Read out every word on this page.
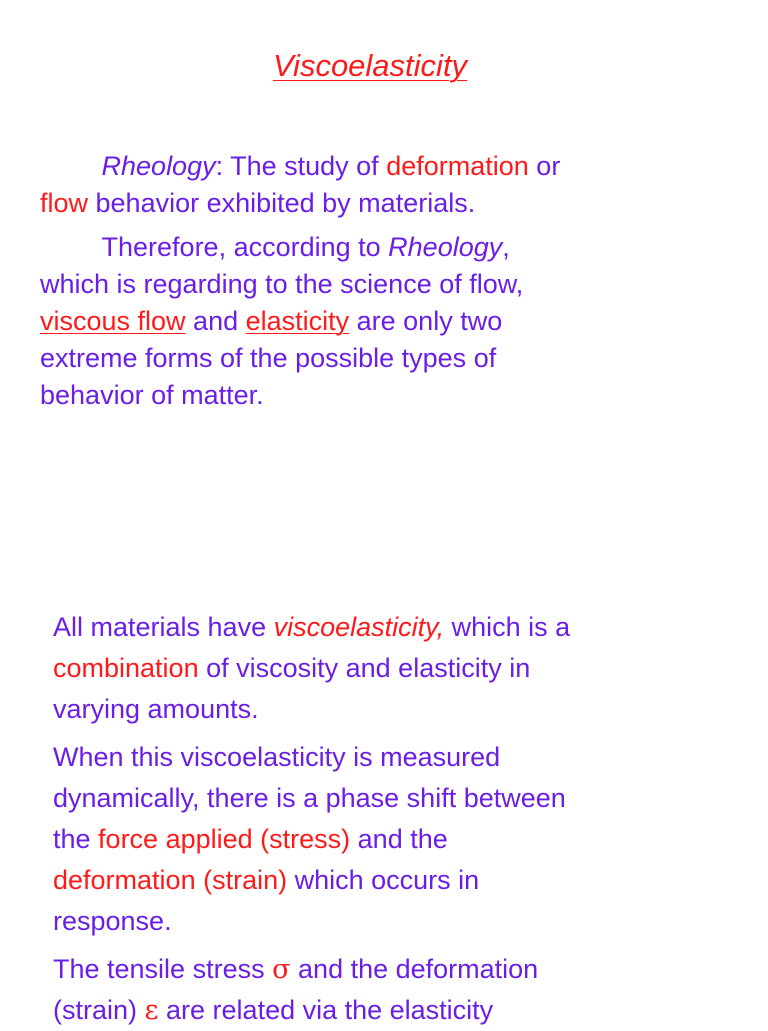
Viscoelasticity

   Rheology: The study of deformation or
flow behavior exhibited by materials.

   Therefore, according to Rheology,
which is regarding to the science of flow,
viscous flow and elasticity are only two
extreme forms of the possible types of
behavior of matter.

All materials have viscoelasticity, which is a
combination of viscosity and elasticity in
varying amounts.

When this viscoelasticity is measured
dynamically, there is a phase shift between
the force applied (stress) and the
deformation (strain) which occurs in
response.

The tensile stress σ and the deformation
(strain) ε are related via the elasticity
